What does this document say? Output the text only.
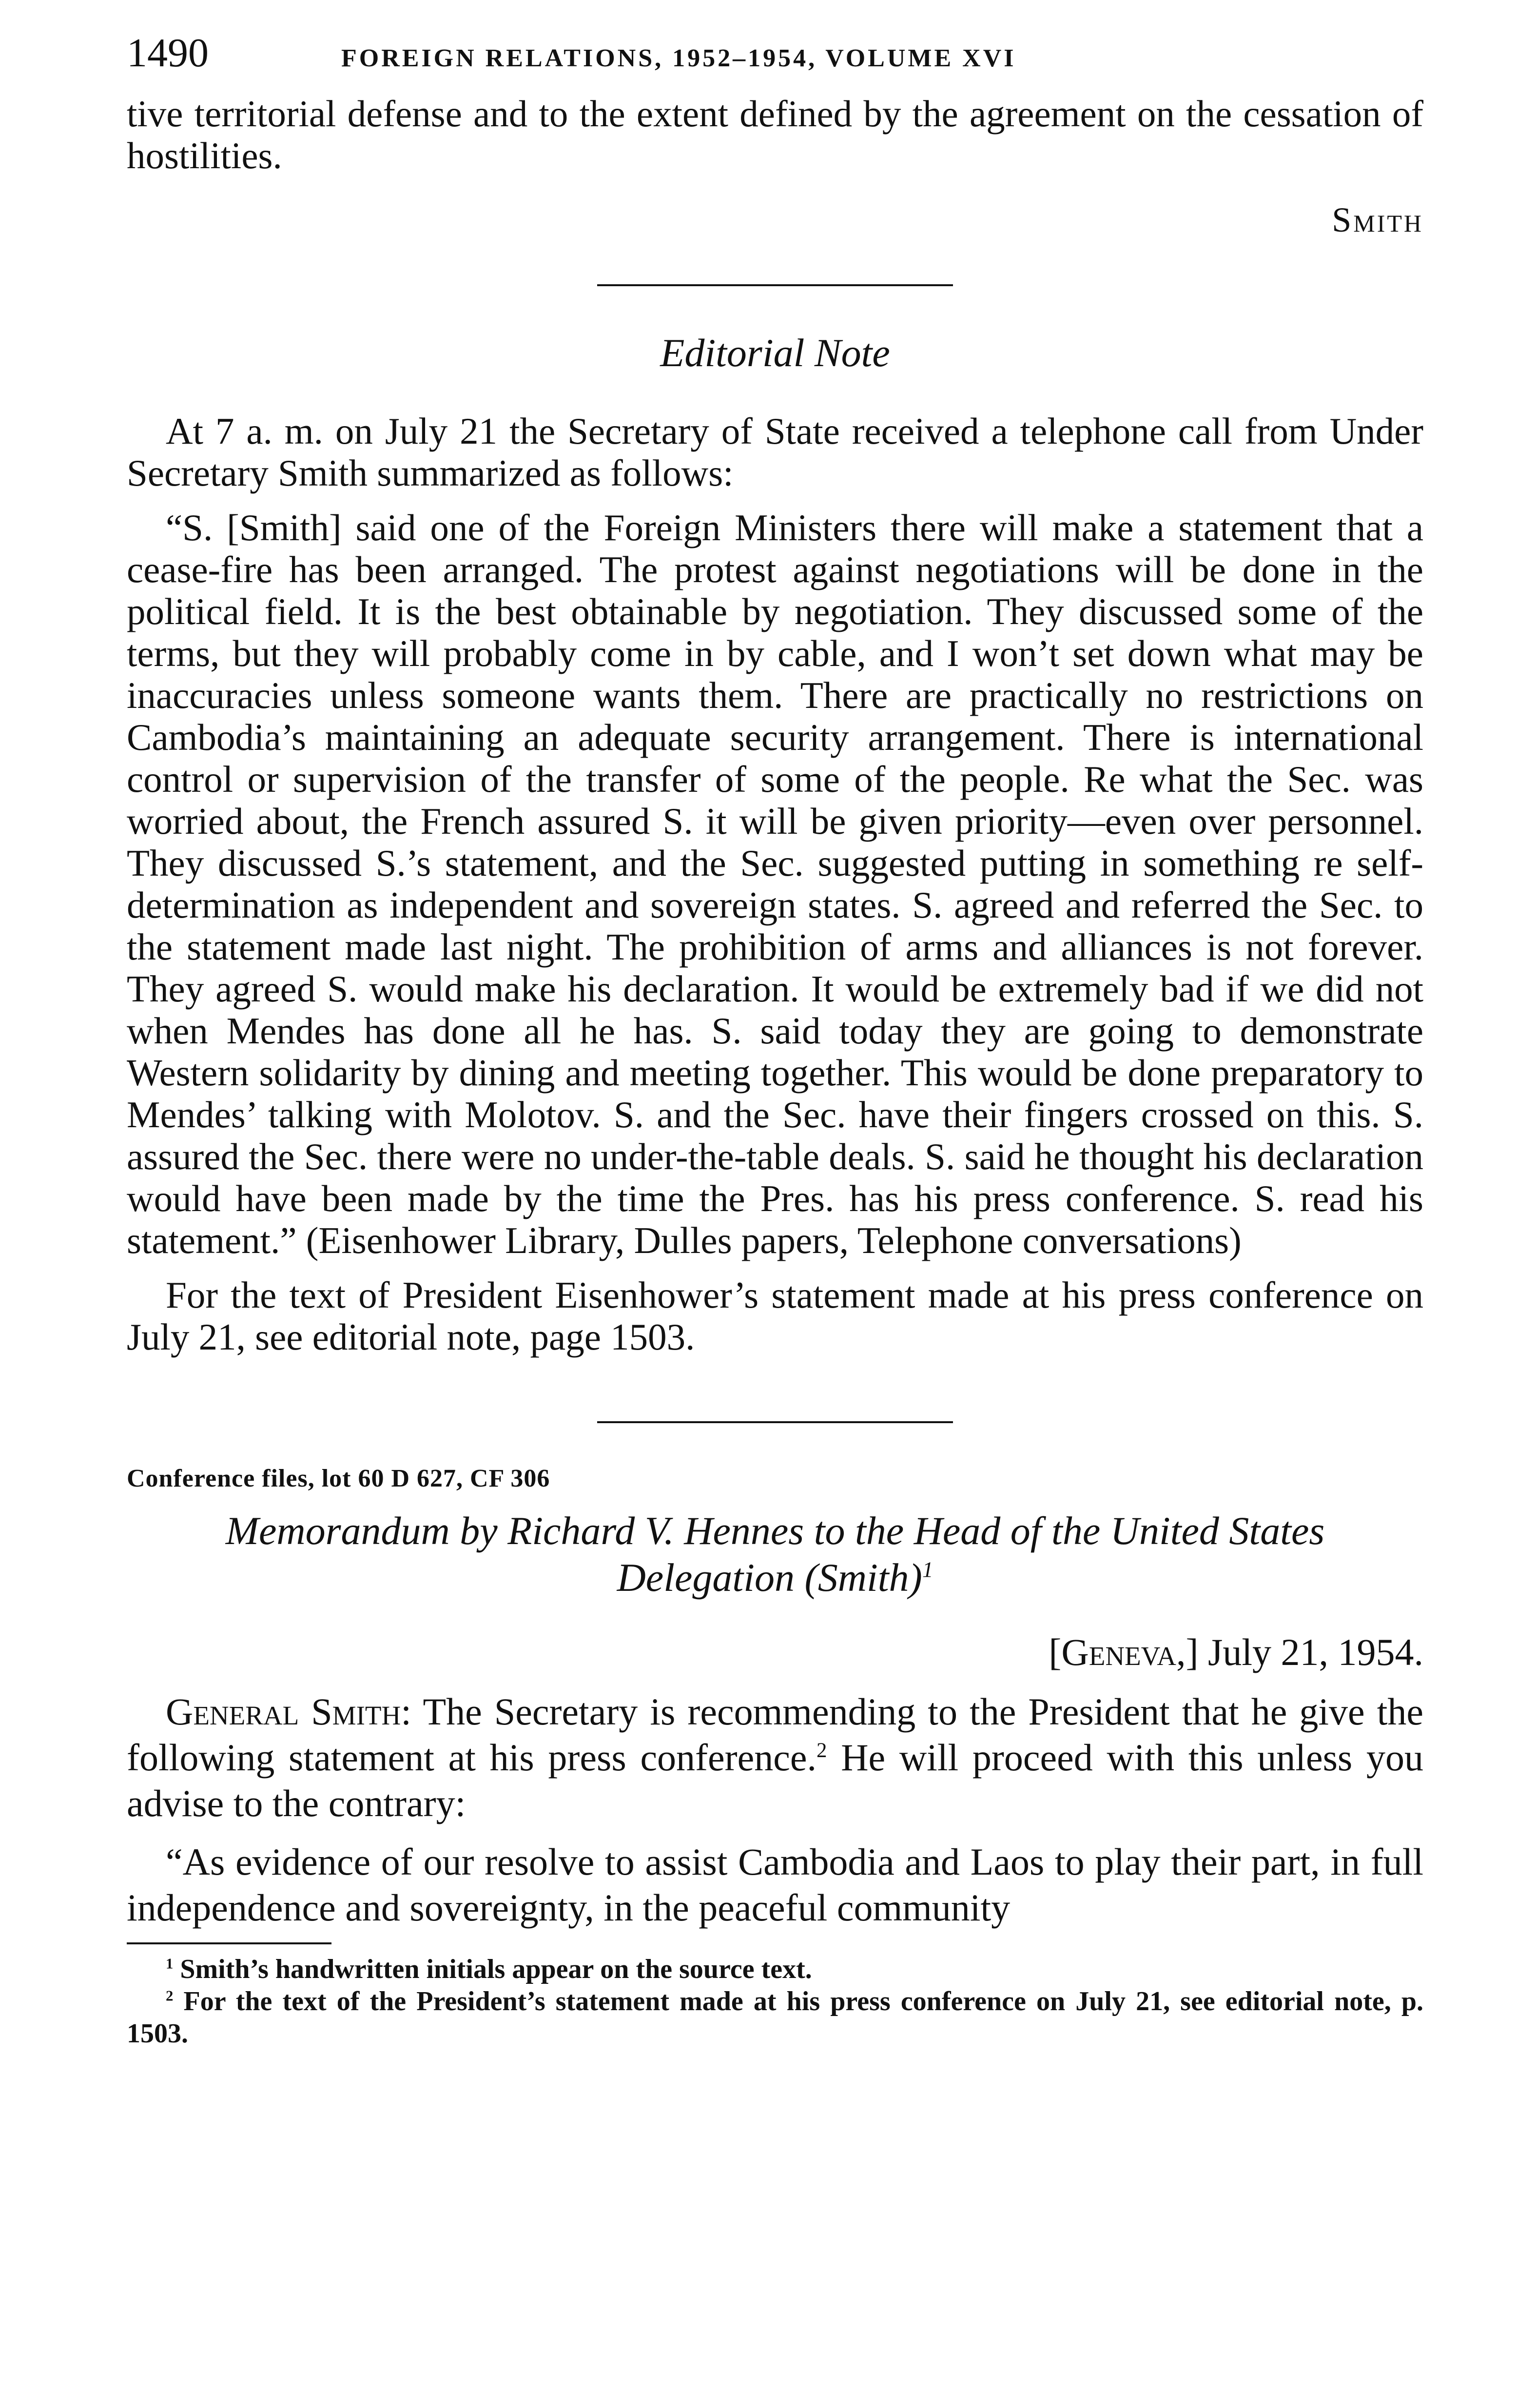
1490	FOREIGN RELATIONS, 1952–1954, VOLUME XVI

tive territorial defense and to the extent defined by the agreement on the cessation of hostilities.

Smith
Editorial Note

At 7 a. m. on July 21 the Secretary of State received a telephone call from Under Secretary Smith summarized as follows:

“S. [Smith] said one of the Foreign Ministers there will make a statement that a cease-fire has been arranged. The protest against negotiations will be done in the political field. It is the best obtainable by negotiation. They discussed some of the terms, but they will probably come in by cable, and I won’t set down what may be inaccuracies unless someone wants them. There are practically no restrictions on Cambodia’s maintaining an adequate security arrangement. There is international control or supervision of the transfer of some of the people. Re what the Sec. was worried about, the French assured S. it will be given priority—even over personnel. They discussed S.’s statement, and the Sec. suggested putting in something re self-determination as independent and sovereign states. S. agreed and referred the Sec. to the statement made last night. The prohibition of arms and alliances is not forever. They agreed S. would make his declaration. It would be extremely bad if we did not when Mendes has done all he has. S. said today they are going to demonstrate Western solidarity by dining and meeting together. This would be done preparatory to Mendes’ talking with Molotov. S. and the Sec. have their fingers crossed on this. S. assured the Sec. there were no under-the-table deals. S. said he thought his declaration would have been made by the time the Pres. has his press conference. S. read his statement.” (Eisenhower Library, Dulles papers, Telephone conversations)

For the text of President Eisenhower’s statement made at his press conference on July 21, see editorial note, page 1503.

Conference files, lot 60 D 627, CF 306
Memorandum by Richard V. Hennes to the Head of the United States
Delegation (Smith)$^1$
[Geneva,] July 21, 1954.

General Smith: The Secretary is recommending to the President that he give the following statement at his press conference.$^2$ He will proceed with this unless you advise to the contrary:

“As evidence of our resolve to assist Cambodia and Laos to play their part, in full independence and sovereignty, in the peaceful community

$^1$ Smith’s handwritten initials appear on the source text.
$^2$ For the text of the President’s statement made at his press conference on July 21, see editorial note, p. 1503.
